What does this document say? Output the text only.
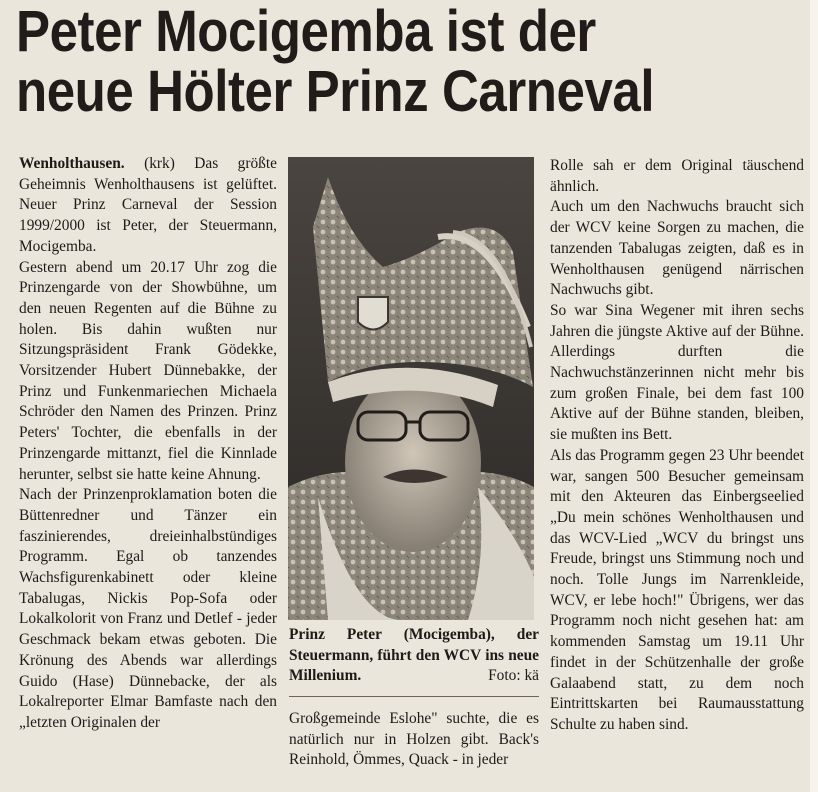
Peter Mocigemba ist der
neue Hölter Prinz Carneval

Wenholthausen. (krk) Das größte Geheimnis Wenholthausens ist gelüftet. Neuer Prinz Carneval der Session 1999/2000 ist Peter, der Steuermann, Mocigemba.

Gestern abend um 20.17 Uhr zog die Prinzengarde von der Showbühne, um den neuen Regenten auf die Bühne zu holen. Bis dahin wußten nur Sitzungspräsident Frank Gödekke, Vorsitzender Hubert Dünnebakke, der Prinz und Funkenmariechen Michaela Schröder den Namen des Prinzen. Prinz Peters' Tochter, die ebenfalls in der Prinzengarde mittanzt, fiel die Kinnlade herunter, selbst sie hatte keine Ahnung.

Nach der Prinzenproklamation boten die Büttenredner und Tänzer ein faszinierendes, dreieinhalbstündiges Programm. Egal ob tanzendes Wachsfigurenkabinett oder kleine Tabalugas, Nickis Pop-Sofa oder Lokalkolorit von Franz und Detlef - jeder Geschmack bekam etwas geboten. Die Krönung des Abends war allerdings Guido (Hase) Dünnebacke, der als Lokalreporter Elmar Bamfaste nach den „letzten Originalen der

Prinz Peter (Mocigemba), der Steuermann, führt den WCV ins neue Millenium.	Foto: kä

Großgemeinde Eslohe" suchte, die es natürlich nur in Holzen gibt. Back's Reinhold, Ömmes, Quack - in jeder

Rolle sah er dem Original täuschend ähnlich.

Auch um den Nachwuchs braucht sich der WCV keine Sorgen zu machen, die tanzenden Tabalugas zeigten, daß es in Wenholthausen genügend närrischen Nachwuchs gibt.

So war Sina Wegener mit ihren sechs Jahren die jüngste Aktive auf der Bühne. Allerdings durften die Nachwuchstänzerinnen nicht mehr bis zum großen Finale, bei dem fast 100 Aktive auf der Bühne standen, bleiben, sie mußten ins Bett.

Als das Programm gegen 23 Uhr beendet war, sangen 500 Besucher gemeinsam mit den Akteuren das Einbergseelied „Du mein schönes Wenholthausen und das WCV-Lied „WCV du bringst uns Freude, bringst uns Stimmung noch und noch. Tolle Jungs im Narrenkleide, WCV, er lebe hoch!" Übrigens, wer das Programm noch nicht gesehen hat: am kommenden Samstag um 19.11 Uhr findet in der Schützenhalle der große Galaabend statt, zu dem noch Eintrittskarten bei Raumausstattung Schulte zu haben sind.
